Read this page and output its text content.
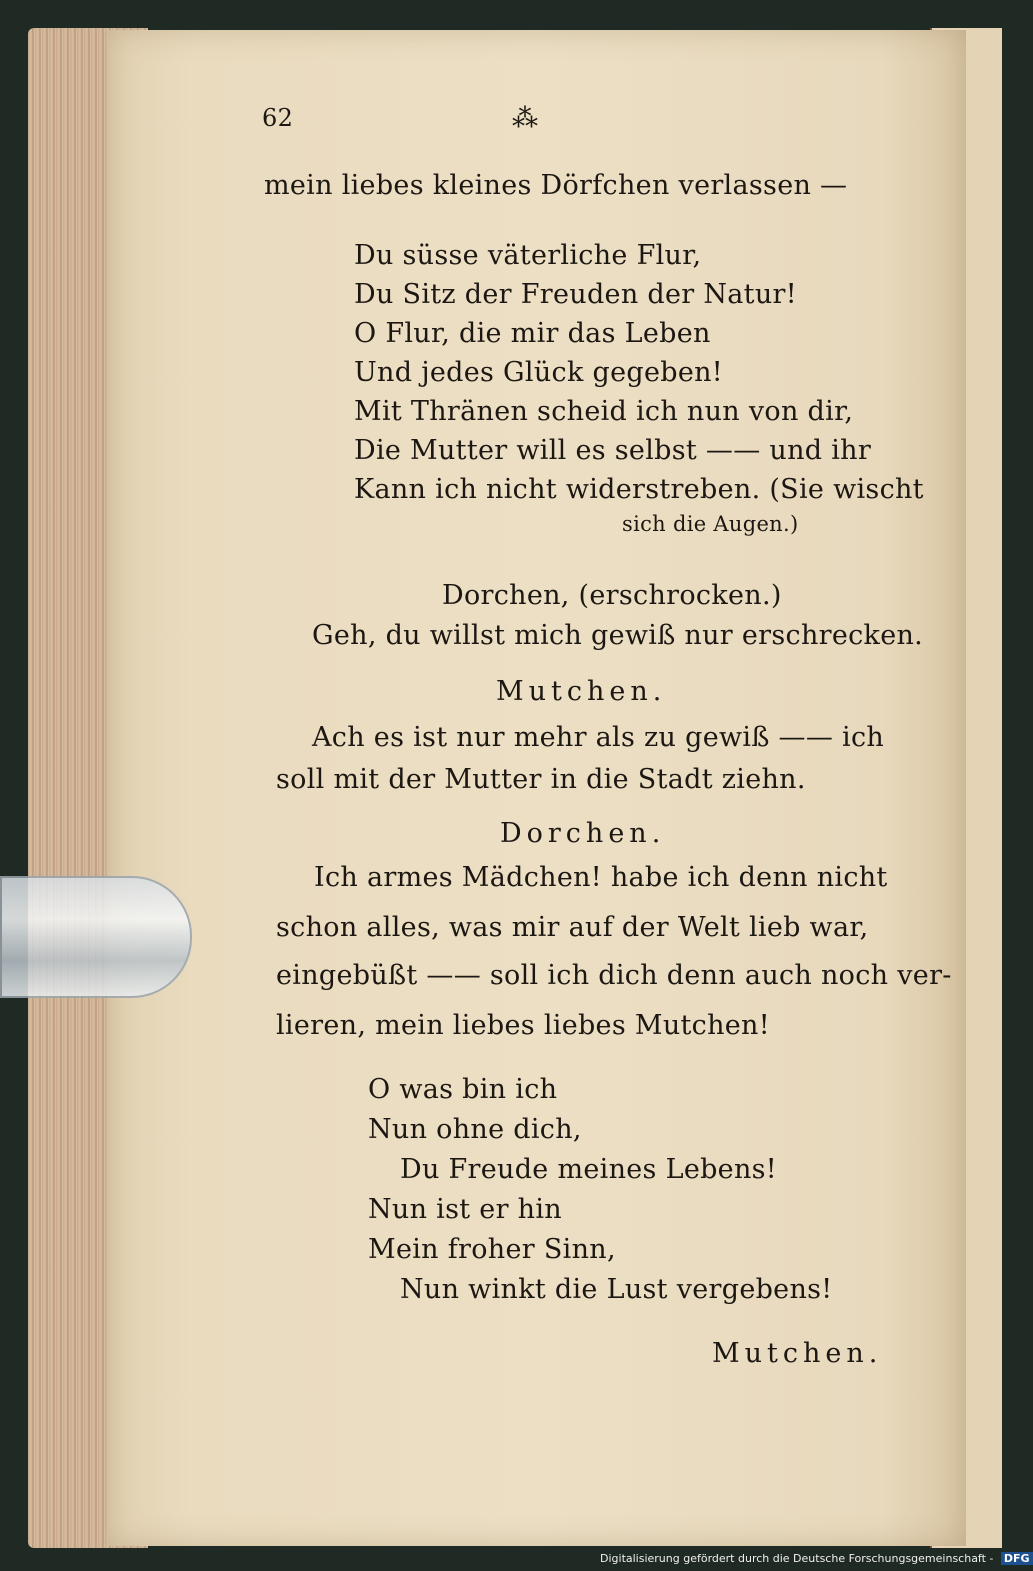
62	⁂
mein liebes kleines Dörfchen verlassen —
Du süsse väterliche Flur,
Du Sitz der Freuden der Natur!
O Flur, die mir das Leben
Und jedes Glück gegeben!
Mit Thränen scheid ich nun von dir,
Die Mutter will es selbst —— und ihr
Kann ich nicht widerstreben. (Sie wischt
sich die Augen.)
Dorchen, (erschrocken.)
Geh, du willst mich gewiß nur erschrecken.
Mutchen.
Ach es ist nur mehr als zu gewiß —— ich
soll mit der Mutter in die Stadt ziehn.
Dorchen.
Ich armes Mädchen! habe ich denn nicht
schon alles, was mir auf der Welt lieb war,
eingebüßt —— soll ich dich denn auch noch ver-
lieren, mein liebes liebes Mutchen!
O was bin ich
Nun ohne dich,
Du Freude meines Lebens!
Nun ist er hin
Mein froher Sinn,
Nun winkt die Lust vergebens!
Mutchen.
Digitalisierung gefördert durch die Deutsche Forschungsgemeinschaft - DFG
